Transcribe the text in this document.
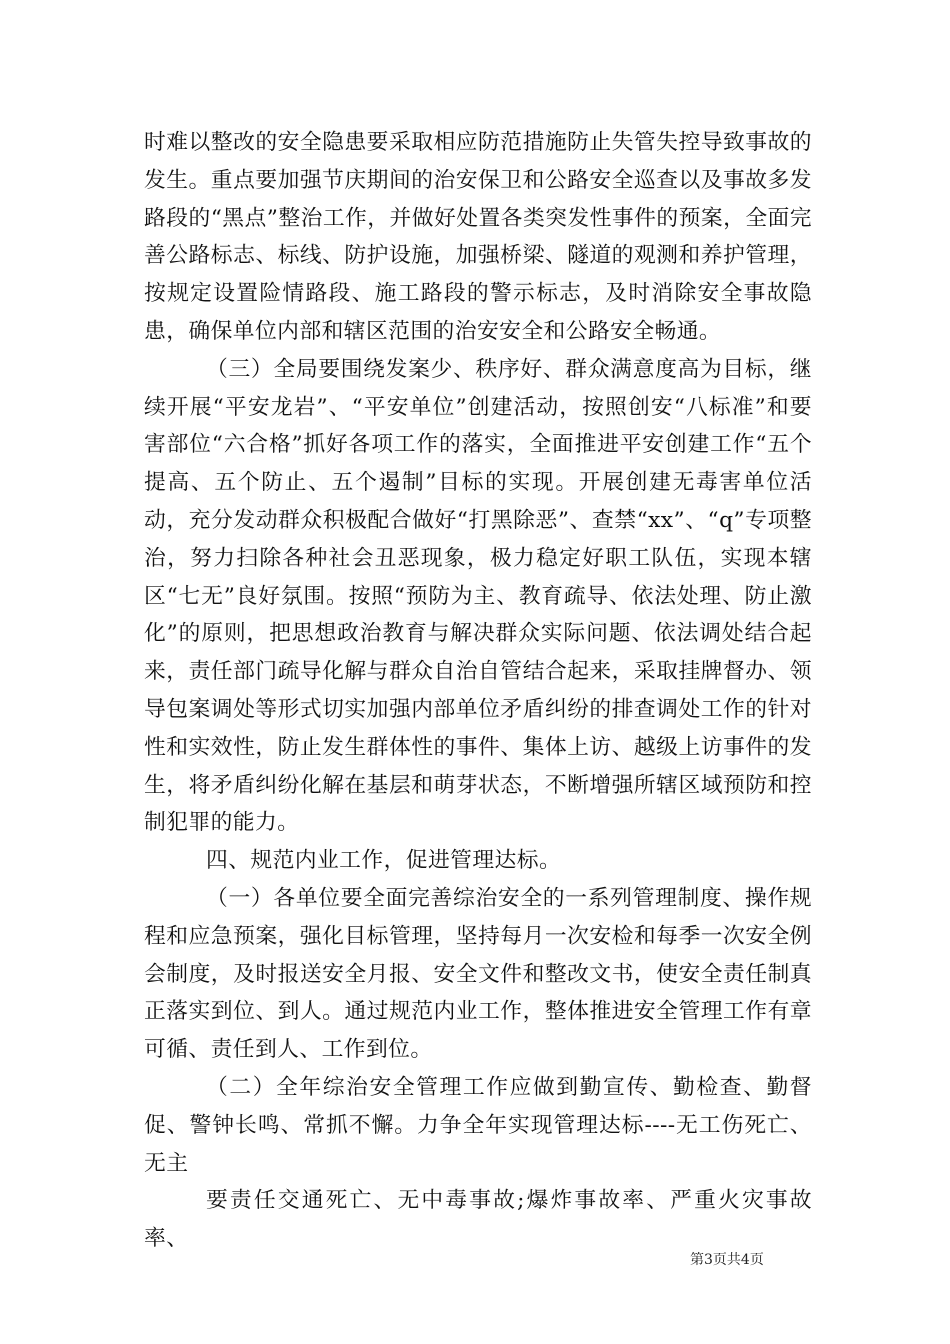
时难以整改的安全隐患要采取相应防范措施防止失管失控导致事故的发生。重点要加强节庆期间的治安保卫和公路安全巡查以及事故多发路段的“黑点”整治工作，并做好处置各类突发性事件的预案，全面完善公路标志、标线、防护设施，加强桥梁、隧道的观测和养护管理，按规定设置险情路段、施工路段的警示标志，及时消除安全事故隐患，确保单位内部和辖区范围的治安安全和公路安全畅通。

（三）全局要围绕发案少、秩序好、群众满意度高为目标，继续开展“平安龙岩”、“平安单位”创建活动，按照创安“八标准”和要害部位“六合格”抓好各项工作的落实，全面推进平安创建工作“五个提高、五个防止、五个遏制”目标的实现。开展创建无毒害单位活动，充分发动群众积极配合做好“打黑除恶”、查禁“xx”、“q”专项整治，努力扫除各种社会丑恶现象，极力稳定好职工队伍，实现本辖区“七无”良好氛围。按照“预防为主、教育疏导、依法处理、防止激化”的原则，把思想政治教育与解决群众实际问题、依法调处结合起来，责任部门疏导化解与群众自治自管结合起来，采取挂牌督办、领导包案调处等形式切实加强内部单位矛盾纠纷的排查调处工作的针对性和实效性，防止发生群体性的事件、集体上访、越级上访事件的发生，将矛盾纠纷化解在基层和萌芽状态，不断增强所辖区域预防和控制犯罪的能力。

四、规范内业工作，促进管理达标。

（一）各单位要全面完善综治安全的一系列管理制度、操作规程和应急预案，强化目标管理，坚持每月一次安检和每季一次安全例会制度，及时报送安全月报、安全文件和整改文书，使安全责任制真正落实到位、到人。通过规范内业工作，整体推进安全管理工作有章可循、责任到人、工作到位。

（二）全年综治安全管理工作应做到勤宣传、勤检查、勤督促、警钟长鸣、常抓不懈。力争全年实现管理达标----无工伤死亡、无主

要责任交通死亡、无中毒事故;爆炸事故率、严重火灾事故率、

第3页共4页
